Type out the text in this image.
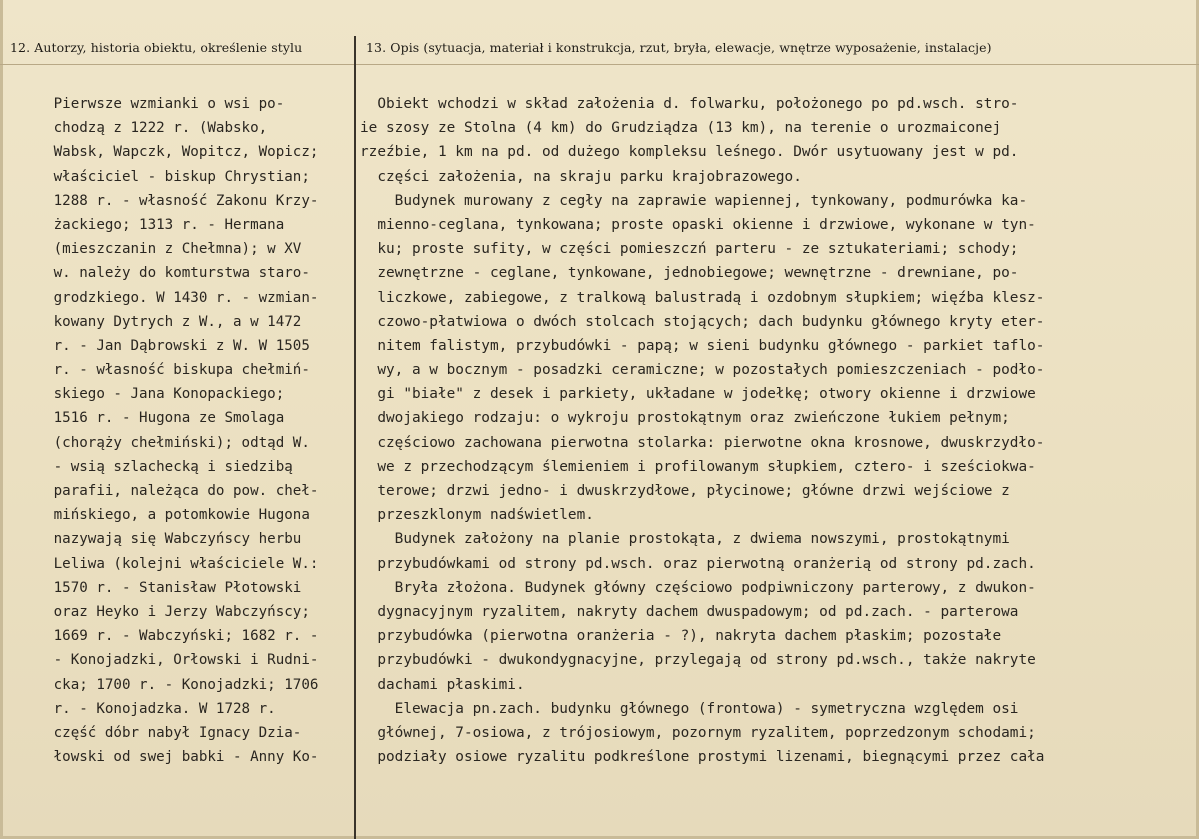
12. Autorzy, historia obiektu, określenie stylu	13. Opis (sytuacja, materiał i konstrukcja, rzut, bryła, elewacje, wnętrze wyposażenie, instalacje)
Pierwsze wzmianki o wsi po-
chodzą z 1222 r. (Wabsko,
Wabsk, Wapczk, Wopitcz, Wopicz;
właściciel - biskup Chrystian;
1288 r. - własność Zakonu Krzy-
żackiego; 1313 r. - Hermana
(mieszczanin z Chełmna); w XV
w. należy do komturstwa staro-
grodzkiego. W 1430 r. - wzmian-
kowany Dytrych z W., a w 1472
r. - Jan Dąbrowski z W. W 1505
r. - własność biskupa chełmiń-
skiego - Jana Konopackiego;
1516 r. - Hugona ze Smolaga
(chorąży chełmiński); odtąd W.
- wsią szlachecką i siedzibą
parafii, należąca do pow. cheł-
mińskiego, a potomkowie Hugona
nazywają się Wabczyńscy herbu
Leliwa (kolejni właściciele W.:
1570 r. - Stanisław Płotowski
oraz Heyko i Jerzy Wabczyńscy;
1669 r. - Wabczyński; 1682 r. -
- Konojadzki, Orłowski i Rudni-
cka; 1700 r. - Konojadzki; 1706
r. - Konojadzka. W 1728 r.
część dóbr nabył Ignacy Dzia-
łowski od swej babki - Anny Ko-
Obiekt wchodzi w skład założenia d. folwarku, położonego po pd.wsch. stro-
ie szosy ze Stolna (4 km) do Grudziądza (13 km), na terenie o urozmaiconej
rzeźbie, 1 km na pd. od dużego kompleksu leśnego. Dwór usytuowany jest w pd.
części założenia, na skraju parku krajobrazowego.
Budynek murowany z cegły na zaprawie wapiennej, tynkowany, podmurówka ka-
mienno-ceglana, tynkowana; proste opaski okienne i drzwiowe, wykonane w tyn-
ku; proste sufity, w części pomieszczń parteru - ze sztukateriami; schody;
zewnętrzne - ceglane, tynkowane, jednobiegowe; wewnętrzne - drewniane, po-
liczkowe, zabiegowe, z tralkową balustradą i ozdobnym słupkiem; więźba klesz-
czowo-płatwiowa o dwóch stolcach stojących; dach budynku głównego kryty eter-
nitem falistym, przybudówki - papą; w sieni budynku głównego - parkiet taflo-
wy, a w bocznym - posadzki ceramiczne; w pozostałych pomieszczeniach - podło-
gi "białe" z desek i parkiety, układane w jodełkę; otwory okienne i drzwiowe
dwojakiego rodzaju: o wykroju prostokątnym oraz zwieńczone łukiem pełnym;
częściowo zachowana pierwotna stolarka: pierwotne okna krosnowe, dwuskrzydło-
we z przechodzącym ślemieniem i profilowanym słupkiem, cztero- i sześciokwa-
terowe; drzwi jedno- i dwuskrzydłowe, płycinowe; główne drzwi wejściowe z
przeszklonym nadświetlem.
Budynek założony na planie prostokąta, z dwiema nowszymi, prostokątnymi
przybudówkami od strony pd.wsch. oraz pierwotną oranżerią od strony pd.zach.
Bryła złożona. Budynek główny częściowo podpiwniczony parterowy, z dwukon-
dygnacyjnym ryzalitem, nakryty dachem dwuspadowym; od pd.zach. - parterowa
przybudówka (pierwotna oranżeria - ?), nakryta dachem płaskim; pozostałe
przybudówki - dwukondygnacyjne, przylegają od strony pd.wsch., także nakryte
dachami płaskimi.
Elewacja pn.zach. budynku głównego (frontowa) - symetryczna względem osi
głównej, 7-osiowa, z trójosiowym, pozornym ryzalitem, poprzedzonym schodami;
podziały osiowe ryzalitu podkreślone prostymi lizenami, biegnącymi przez cała
